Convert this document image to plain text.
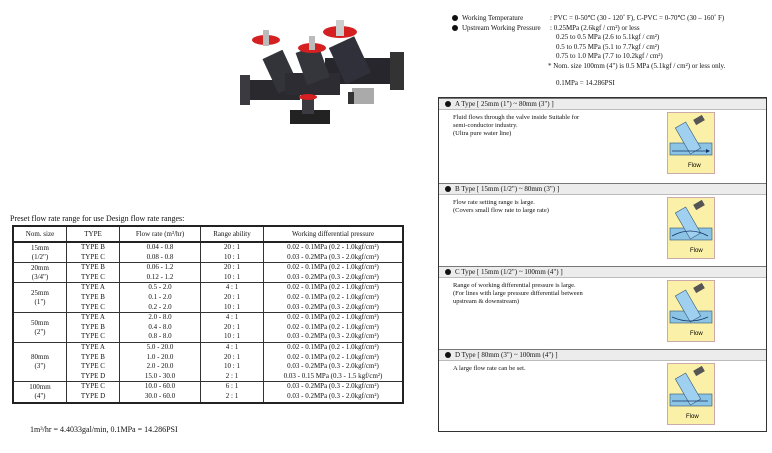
Preset flow rate range for use Design flow rate ranges:
Nom. size	TYPE	Flow rate (m³/hr)	Range ability	Working differential pressure

15mm
(1/2")	TYPE B	0.04 - 0.8	20 : 1	0.02 - 0.1MPa (0.2 - 1.0kgf/cm²)
	TYPE C	0.08 - 0.8	10 : 1	0.03 - 0.2MPa (0.3 - 2.0kgf/cm²)

20mm
(3/4")	TYPE B	0.06 - 1.2	20 : 1	0.02 - 0.1MPa (0.2 - 1.0kgf/cm²)
	TYPE C	0.12 - 1.2	10 : 1	0.03 - 0.2MPa (0.3 - 2.0kgf/cm²)

25mm
(1")	TYPE A	0.5 - 2.0	4 : 1	0.02 - 0.1MPa (0.2 - 1.0kgf/cm²)
	TYPE B	0.1 - 2.0	20 : 1	0.02 - 0.1MPa (0.2 - 1.0kgf/cm²)
	TYPE C	0.2 - 2.0	10 : 1	0.03 - 0.2MPa (0.3 - 2.0kgf/cm²)

50mm
(2")	TYPE A	2.0 - 8.0	4 : 1	0.02 - 0.1MPa (0.2 - 1.0kgf/cm²)
	TYPE B	0.4 - 8.0	20 : 1	0.02 - 0.1MPa (0.2 - 1.0kgf/cm²)
	TYPE C	0.8 - 8.0	10 : 1	0.03 - 0.2MPa (0.3 - 2.0kgf/cm²)

80mm
(3")	TYPE A	5.0 - 20.0	4 : 1	0.02 - 0.1MPa (0.2 - 1.0kgf/cm²)
	TYPE B	1.0 - 20.0	20 : 1	0.02 - 0.1MPa (0.2 - 1.0kgf/cm²)
	TYPE C	2.0 - 20.0	10 : 1	0.03 - 0.2MPa (0.3 - 2.0kgf/cm²)
	TYPE D	15.0 - 30.0	2 : 1	0.03 - 0.15 MPa (0.3 - 1.5 kgf/cm²)

100mm
(4")	TYPE C	10.0 - 60.0	6 : 1	0.03 - 0.2MPa (0.3 - 2.0kgf/cm²)
	TYPE D	30.0 - 60.0	2 : 1	0.03 - 0.2MPa (0.3 - 2.0kgf/cm²)
1m³/hr = 4.4033gal/min, 0.1MPa = 14.286PSI
Working Temperature	: PVC = 0-50℃ (30 - 120˚ F), C-PVC = 0-70℃ (30 – 160˚ F)
Upstream Working Pressure	: 0.25MPa (2.6kgf / cm²) or less
0.25 to 0.5 MPa (2.6 to 5.1kgf / cm²)
0.5 to 0.75 MPa (5.1 to 7.7kgf / cm²)
0.75 to 1.0 MPa (7.7 to 10.2kgf / cm²)
* Nom. size 100mm (4") is 0.5 MPa (5.1kgf / cm²) or less only.
0.1MPa = 14.286PSI
A Type [ 25mm (1") ~ 80mm (3") ]
Fluid flows through the valve inside Suitable for
semi-conductor industry.
(Ultra pure water line)
Flow
B Type [ 15mm (1/2") ~ 80mm (3") ]
Flow rate setting range is large.
(Covers small flow rate to large rate)
Flow
C Type [ 15mm (1/2") ~ 100mm (4") ]
Range of working differential pressure is large.
(For lines with large pressure differential between
upstream & downstream)
Flow
D Type [ 80mm (3") ~ 100mm (4") ]
A large flow rate can be set.
Flow
